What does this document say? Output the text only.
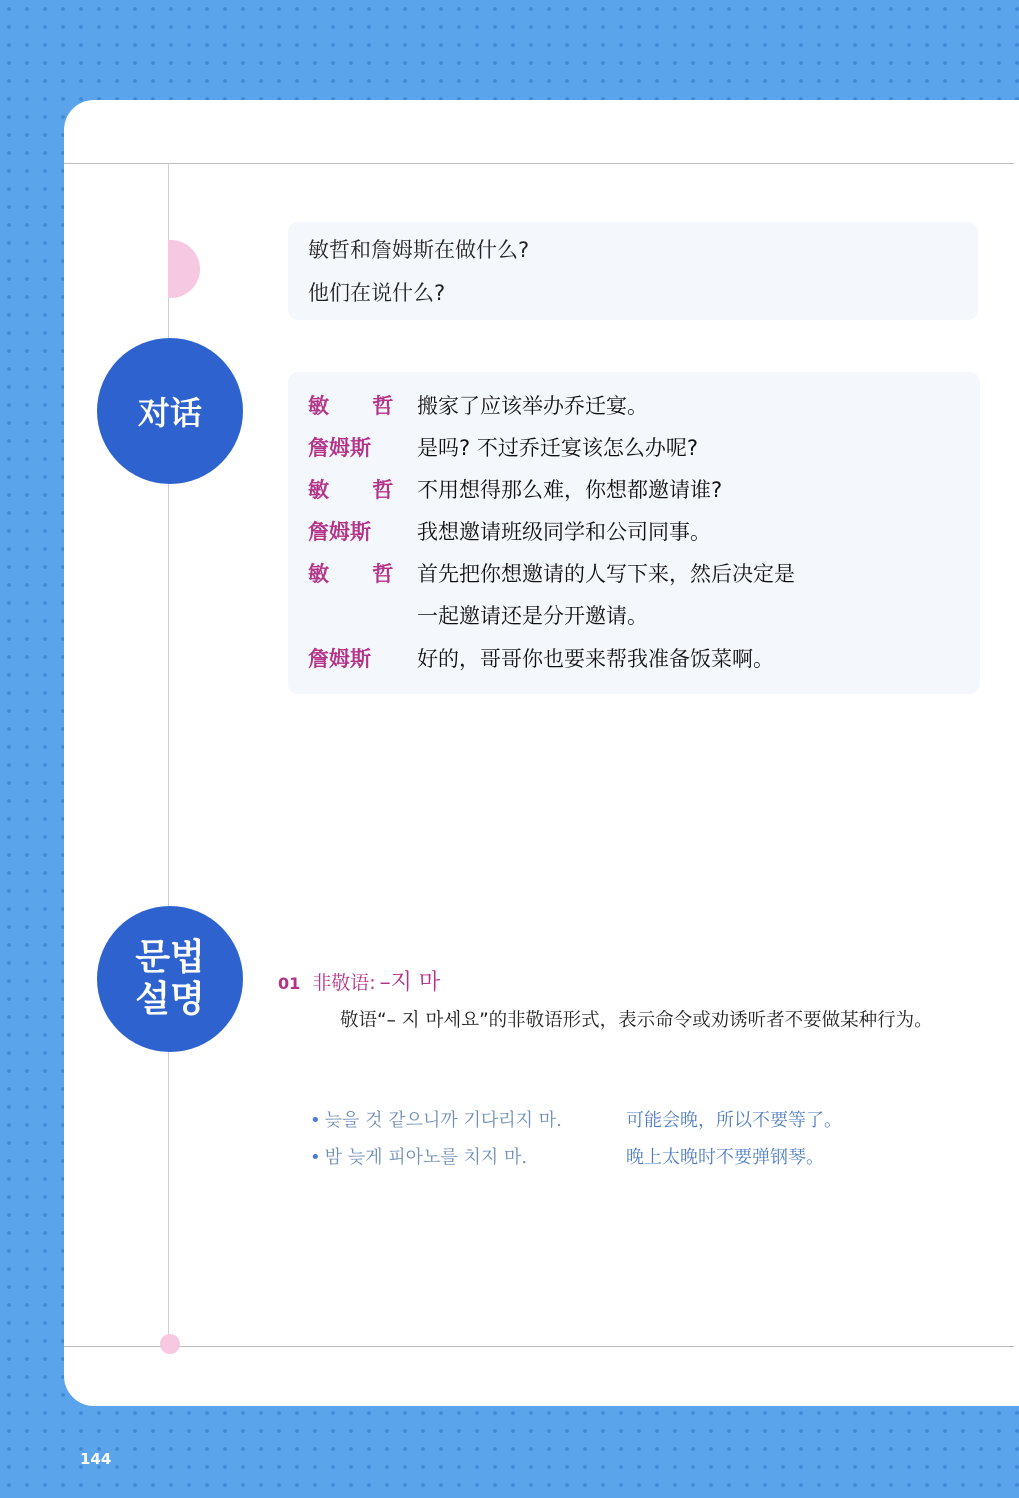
敏哲和詹姆斯在做什么?
他们在说什么?
对话	敏 哲 搬家了应该举办乔迁宴。
詹姆斯	是吗? 不过乔迁宴该怎么办呢?
敏 哲 不用想得那么难，你想都邀请谁?
詹姆斯	我想邀请班级同学和公司同事。
敏 哲 首先把你想邀请的人写下来，然后决定是
一起邀请还是分开邀请。
詹姆斯	好的，哥哥你也要来帮我准备饭菜啊。
문법
설명	01 非敬语: –지 마
敬语“– 지 마세요”的非敬语形式，表示命令或劝诱听者不要做某种行为。
• 늦을 것 같으니까 기다리지 마.	可能会晚，所以不要等了。
• 밤 늦게 피아노를 치지 마.	晚上太晚时不要弹钢琴。
144
